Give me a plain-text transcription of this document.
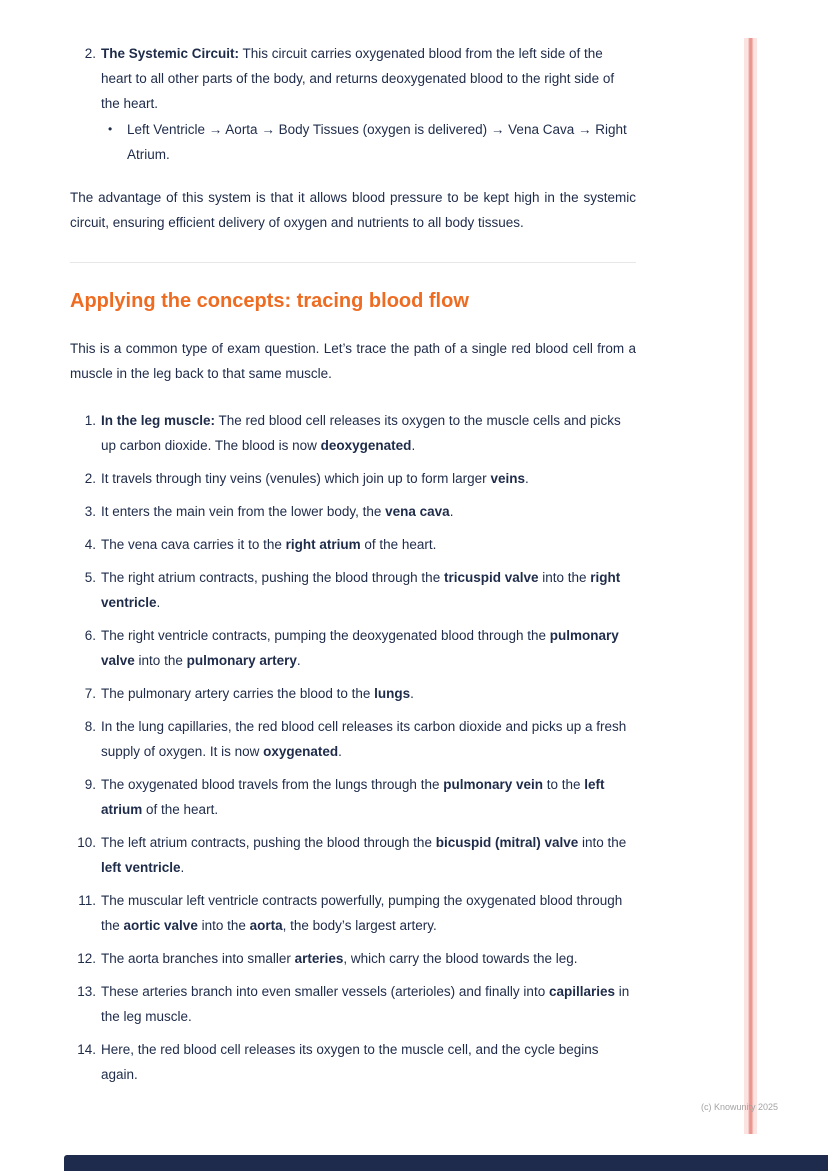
2. The Systemic Circuit: This circuit carries oxygenated blood from the left side of the heart to all other parts of the body, and returns deoxygenated blood to the right side of the heart.
•	Left Ventricle → Aorta → Body Tissues (oxygen is delivered) → Vena Cava → Right Atrium.

The advantage of this system is that it allows blood pressure to be kept high in the systemic circuit, ensuring efficient delivery of oxygen and nutrients to all body tissues.

Applying the concepts: tracing blood flow

This is a common type of exam question. Let’s trace the path of a single red blood cell from a muscle in the leg back to that same muscle.

1. In the leg muscle: The red blood cell releases its oxygen to the muscle cells and picks up carbon dioxide. The blood is now deoxygenated.
2. It travels through tiny veins (venules) which join up to form larger veins.
3. It enters the main vein from the lower body, the vena cava.
4. The vena cava carries it to the right atrium of the heart.
5. The right atrium contracts, pushing the blood through the tricuspid valve into the right ventricle.
6. The right ventricle contracts, pumping the deoxygenated blood through the pulmonary valve into the pulmonary artery.
7. The pulmonary artery carries the blood to the lungs.
8. In the lung capillaries, the red blood cell releases its carbon dioxide and picks up a fresh supply of oxygen. It is now oxygenated.
9. The oxygenated blood travels from the lungs through the pulmonary vein to the left atrium of the heart.
10. The left atrium contracts, pushing the blood through the bicuspid (mitral) valve into the left ventricle.
11. The muscular left ventricle contracts powerfully, pumping the oxygenated blood through the aortic valve into the aorta, the body’s largest artery.
12. The aorta branches into smaller arteries, which carry the blood towards the leg.
13. These arteries branch into even smaller vessels (arterioles) and finally into capillaries in the leg muscle.
14. Here, the red blood cell releases its oxygen to the muscle cell, and the cycle begins again.
(c) Knowunity 2025
